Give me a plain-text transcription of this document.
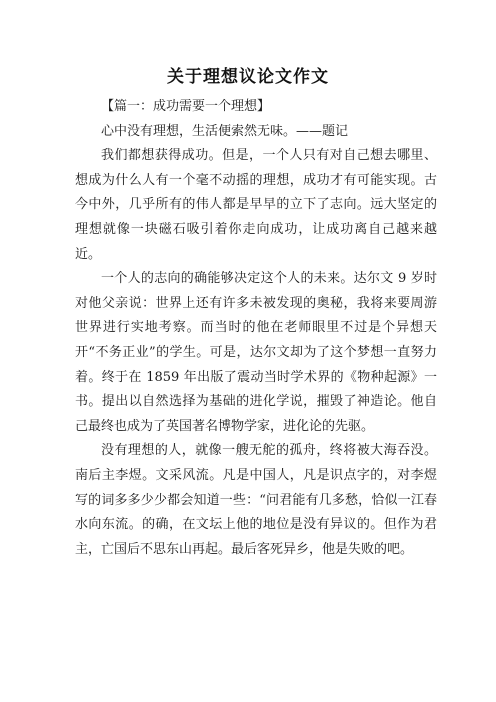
关于理想议论文作文

【篇一：成功需要一个理想】

心中没有理想，生活便索然无味。——题记

我们都想获得成功。但是，一个人只有对自己想去哪里、想成为什么人有一个毫不动摇的理想，成功才有可能实现。古今中外，几乎所有的伟人都是早早的立下了志向。远大坚定的理想就像一块磁石吸引着你走向成功，让成功离自己越来越近。

一个人的志向的确能够决定这个人的未来。达尔文 9 岁时对他父亲说：世界上还有许多未被发现的奥秘，我将来要周游世界进行实地考察。而当时的他在老师眼里不过是个异想天开“不务正业”的学生。可是，达尔文却为了这个梦想一直努力着。终于在 1859 年出版了震动当时学术界的《物种起源》一书。提出以自然选择为基础的进化学说，摧毁了神造论。他自己最终也成为了英国著名博物学家，进化论的先驱。

没有理想的人，就像一艘无舵的孤舟，终将被大海吞没。南后主李煜。文采风流。凡是中国人，凡是识点字的，对李煜写的词多多少少都会知道一些：“问君能有几多愁，恰似一江春水向东流。的确，在文坛上他的地位是没有异议的。但作为君主，亡国后不思东山再起。最后客死异乡，他是失败的吧。
